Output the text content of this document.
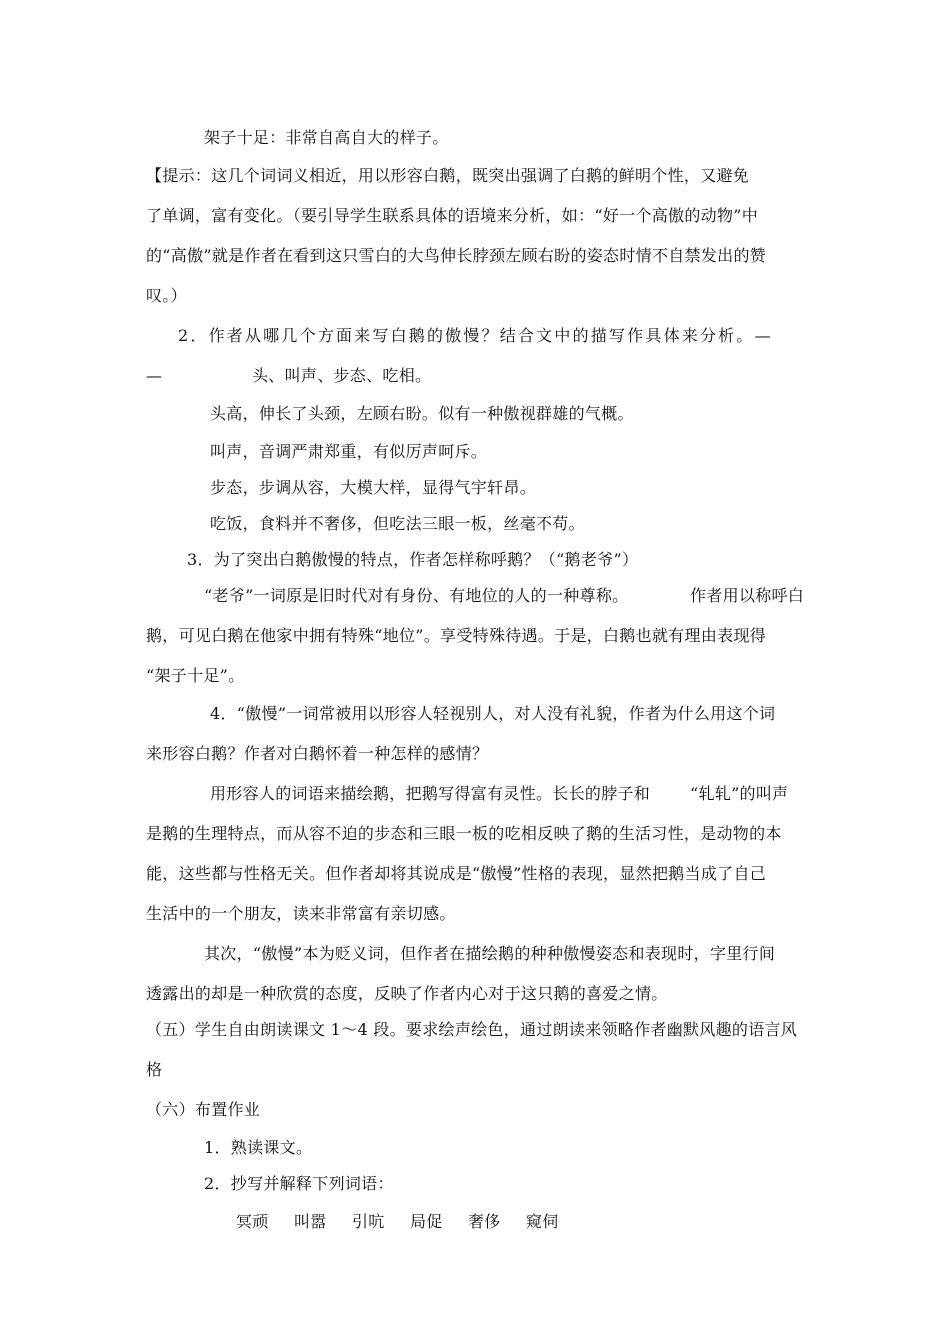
架子十足：非常自高自大的样子。
【提示：这几个词词义相近，用以形容白鹅，既突出强调了白鹅的鲜明个性，又避免
了单调，富有变化。（要引导学生联系具体的语境来分析，如：“好一个高傲的动物”中
的“高傲”就是作者在看到这只雪白的大鸟伸长脖颈左顾右盼的姿态时情不自禁发出的赞
叹。）
2．作者从哪几个方面来写白鹅的傲慢？结合文中的描写作具体来分析。—
—	头、叫声、步态、吃相。
头高，伸长了头颈，左顾右盼。似有一种傲视群雄的气概。
叫声，音调严肃郑重，有似厉声呵斥。
步态，步调从容，大模大样，显得气宇轩昂。
吃饭，食料并不奢侈，但吃法三眼一板，丝毫不苟。
3．为了突出白鹅傲慢的特点，作者怎样称呼鹅？（“鹅老爷”）
“老爷”一词原是旧时代对有身份、有地位的人的一种尊称。	作者用以称呼白
鹅，可见白鹅在他家中拥有特殊“地位”。享受特殊待遇。于是，白鹅也就有理由表现得
“架子十足”。
4．“傲慢”一词常被用以形容人轻视别人，对人没有礼貌，作者为什么用这个词
来形容白鹅？作者对白鹅怀着一种怎样的感情？
用形容人的词语来描绘鹅，把鹅写得富有灵性。长长的脖子和 “轧轧”的叫声
是鹅的生理特点，而从容不迫的步态和三眼一板的吃相反映了鹅的生活习性，是动物的本
能，这些都与性格无关。但作者却将其说成是“傲慢”性格的表现，显然把鹅当成了自己
生活中的一个朋友，读来非常富有亲切感。
其次，“傲慢”本为贬义词，但作者在描绘鹅的种种傲慢姿态和表现时，字里行间
透露出的却是一种欣赏的态度，反映了作者内心对于这只鹅的喜爱之情。
（五）学生自由朗读课文 1～4 段。要求绘声绘色，通过朗读来领略作者幽默风趣的语言风
格
（六）布置作业
1．熟读课文。
2．抄写并解释下列词语：
冥顽 叫嚣 引吭 局促 奢侈 窥伺
